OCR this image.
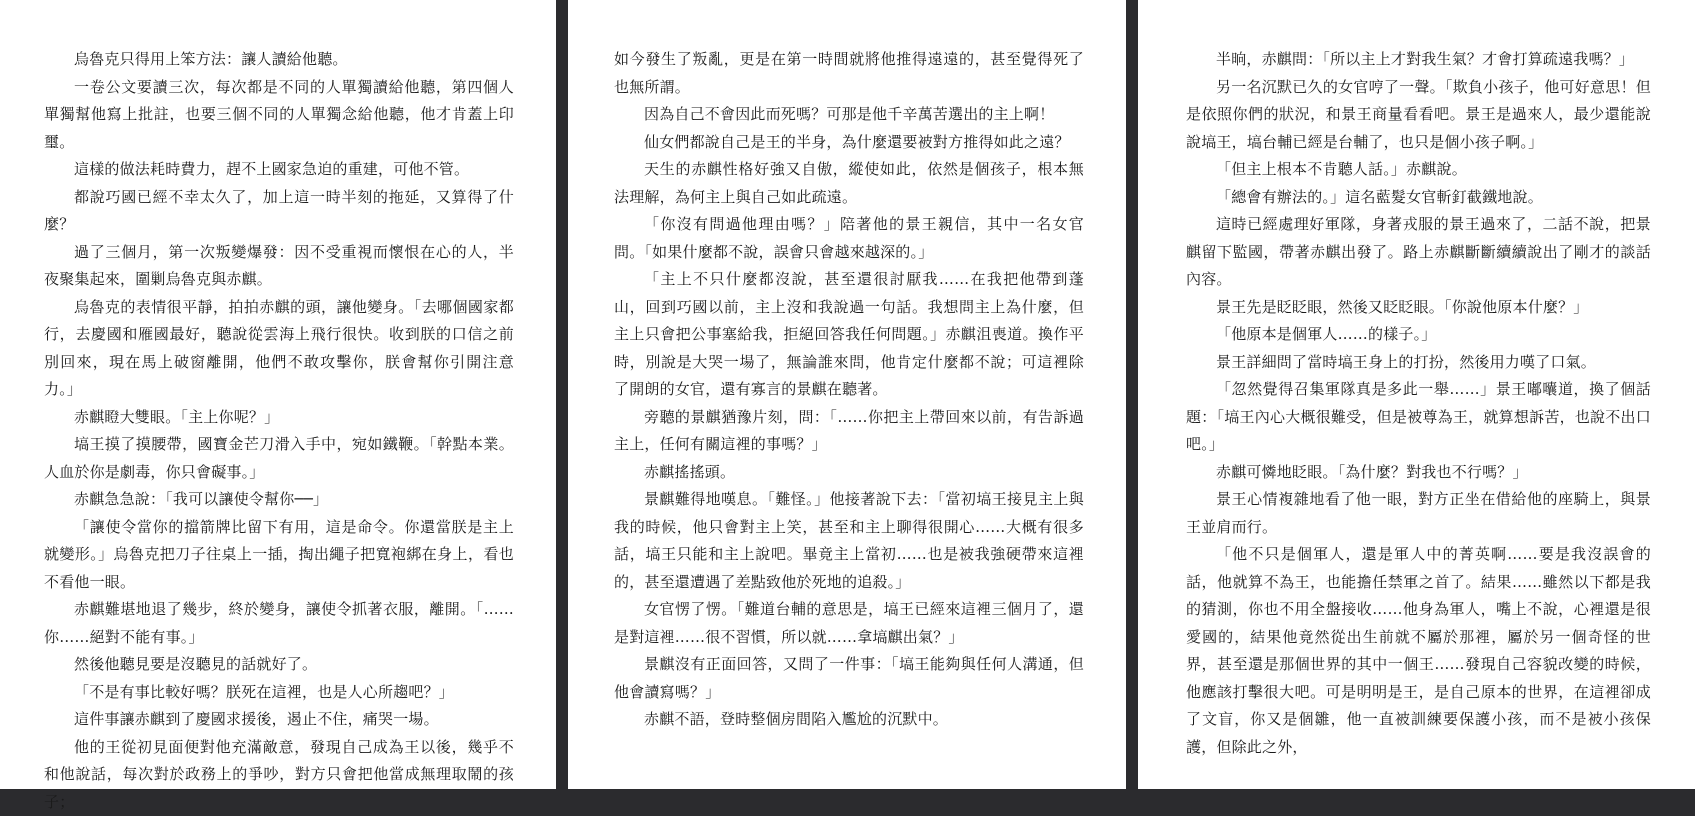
烏魯克只得用上笨方法：讓人讀給他聽。

一卷公文要讀三次，每次都是不同的人單獨讀給他聽，第四個人單獨幫他寫上批註，也要三個不同的人單獨念給他聽，他才肯蓋上印璽。

這樣的做法耗時費力，趕不上國家急迫的重建，可他不管。

都說巧國已經不幸太久了，加上這一時半刻的拖延，又算得了什麼？

過了三個月，第一次叛變爆發：因不受重視而懷恨在心的人，半夜聚集起來，圍剿烏魯克與赤麒。

烏魯克的表情很平靜，拍拍赤麒的頭，讓他變身。「去哪個國家都行，去慶國和雁國最好，聽說從雲海上飛行很快。收到朕的口信之前別回來，現在馬上破窗離開，他們不敢攻擊你，朕會幫你引開注意力。」

赤麒瞪大雙眼。「主上你呢？」

塙王摸了摸腰帶，國寶金芒刀滑入手中，宛如鐵鞭。「幹點本業。人血於你是劇毒，你只會礙事。」

赤麒急急說：「我可以讓使令幫你──」

「讓使令當你的擋箭牌比留下有用，這是命令。你還當朕是主上就變形。」烏魯克把刀子往桌上一插，掏出繩子把寬袍綁在身上，看也不看他一眼。

赤麒難堪地退了幾步，終於變身，讓使令抓著衣服，離開。「……你……絕對不能有事。」

然後他聽見要是沒聽見的話就好了。

「不是有事比較好嗎？朕死在這裡，也是人心所趨吧？」

這件事讓赤麒到了慶國求援後，遏止不住，痛哭一場。

他的王從初見面便對他充滿敵意，發現自己成為王以後，幾乎不和他說話，每次對於政務上的爭吵，對方只會把他當成無理取鬧的孩子；

如今發生了叛亂，更是在第一時間就將他推得遠遠的，甚至覺得死了也無所謂。

因為自己不會因此而死嗎？可那是他千辛萬苦選出的主上啊！

仙女們都說自己是王的半身，為什麼還要被對方推得如此之遠？

天生的赤麒性格好強又自傲，縱使如此，依然是個孩子，根本無法理解，為何主上與自己如此疏遠。

「你沒有問過他理由嗎？」陪著他的景王親信，其中一名女官問。「如果什麼都不說，誤會只會越來越深的。」

「主上不只什麼都沒說，甚至還很討厭我……在我把他帶到蓬山，回到巧國以前，主上沒和我說過一句話。我想問主上為什麼，但主上只會把公事塞給我，拒絕回答我任何問題。」赤麒沮喪道。換作平時，別說是大哭一場了，無論誰來問，他肯定什麼都不說；可這裡除了開朗的女官，還有寡言的景麒在聽著。

旁聽的景麒猶豫片刻，問：「……你把主上帶回來以前，有告訴過主上，任何有關這裡的事嗎？」

赤麒搖搖頭。

景麒難得地嘆息。「難怪。」他接著說下去：「當初塙王接見主上與我的時候，他只會對主上笑，甚至和主上聊得很開心……大概有很多話，塙王只能和主上說吧。畢竟主上當初……也是被我強硬帶來這裡的，甚至還遭遇了差點致他於死地的追殺。」

女官愣了愣。「難道台輔的意思是，塙王已經來這裡三個月了，還是對這裡……很不習慣，所以就……拿塙麒出氣？」

景麒沒有正面回答，又問了一件事：「塙王能夠與任何人溝通，但他會讀寫嗎？」

赤麒不語，登時整個房間陷入尷尬的沉默中。

半晌，赤麒問：「所以主上才對我生氣？才會打算疏遠我嗎？」

另一名沉默已久的女官哼了一聲。「欺負小孩子，他可好意思！但是依照你們的狀況，和景王商量看看吧。景王是過來人，最少還能說說塙王，塙台輔已經是台輔了，也只是個小孩子啊。」

「但主上根本不肯聽人話。」赤麒說。

「總會有辦法的。」這名藍髮女官斬釘截鐵地說。

這時已經處理好軍隊，身著戎服的景王過來了，二話不說，把景麒留下監國，帶著赤麒出發了。路上赤麒斷斷續續說出了剛才的談話內容。

景王先是眨眨眼，然後又眨眨眼。「你說他原本什麼？」

「他原本是個軍人……的樣子。」

景王詳細問了當時塙王身上的打扮，然後用力嘆了口氣。

「忽然覺得召集軍隊真是多此一舉……」景王嘟囔道，換了個話題：「塙王內心大概很難受，但是被尊為王，就算想訴苦，也說不出口吧。」

赤麒可憐地眨眼。「為什麼？對我也不行嗎？」

景王心情複雜地看了他一眼，對方正坐在借給他的座騎上，與景王並肩而行。

「他不只是個軍人，還是軍人中的菁英啊……要是我沒誤會的話，他就算不為王，也能擔任禁軍之首了。結果……雖然以下都是我的猜測，你也不用全盤接收……他身為軍人，嘴上不說，心裡還是很愛國的，結果他竟然從出生前就不屬於那裡，屬於另一個奇怪的世界，甚至還是那個世界的其中一個王……發現自己容貌改變的時候，他應該打擊很大吧。可是明明是王，是自己原本的世界，在這裡卻成了文盲，你又是個雛，他一直被訓練要保護小孩，而不是被小孩保護，但除此之外，
